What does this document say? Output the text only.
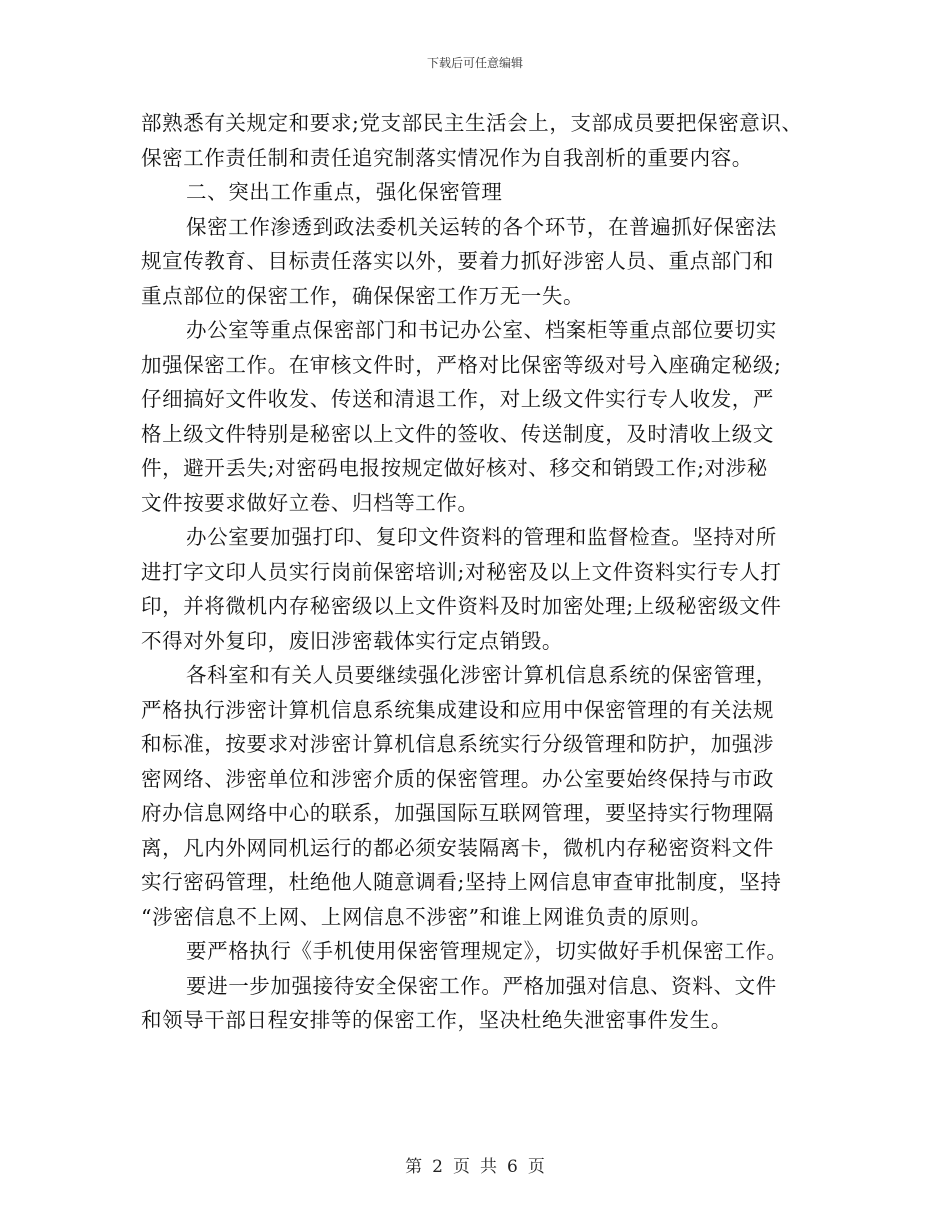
下载后可任意编辑
部熟悉有关规定和要求;党支部民主生活会上，支部成员要把保密意识、
保密工作责任制和责任追究制落实情况作为自我剖析的重要内容。
二、突出工作重点，强化保密管理
保密工作渗透到政法委机关运转的各个环节，在普遍抓好保密法
规宣传教育、目标责任落实以外，要着力抓好涉密人员、重点部门和
重点部位的保密工作，确保保密工作万无一失。
办公室等重点保密部门和书记办公室、档案柜等重点部位要切实
加强保密工作。在审核文件时，严格对比保密等级对号入座确定秘级;
仔细搞好文件收发、传送和清退工作，对上级文件实行专人收发，严
格上级文件特别是秘密以上文件的签收、传送制度，及时清收上级文
件，避开丢失;对密码电报按规定做好核对、移交和销毁工作;对涉秘
文件按要求做好立卷、归档等工作。
办公室要加强打印、复印文件资料的管理和监督检查。坚持对所
进打字文印人员实行岗前保密培训;对秘密及以上文件资料实行专人打
印，并将微机内存秘密级以上文件资料及时加密处理;上级秘密级文件
不得对外复印，废旧涉密载体实行定点销毁。
各科室和有关人员要继续强化涉密计算机信息系统的保密管理，
严格执行涉密计算机信息系统集成建设和应用中保密管理的有关法规
和标准，按要求对涉密计算机信息系统实行分级管理和防护，加强涉
密网络、涉密单位和涉密介质的保密管理。办公室要始终保持与市政
府办信息网络中心的联系，加强国际互联网管理，要坚持实行物理隔
离，凡内外网同机运行的都必须安装隔离卡，微机内存秘密资料文件
实行密码管理，杜绝他人随意调看;坚持上网信息审查审批制度，坚持
“涉密信息不上网、上网信息不涉密”和谁上网谁负责的原则。
要严格执行《手机使用保密管理规定》，切实做好手机保密工作。
要进一步加强接待安全保密工作。严格加强对信息、资料、文件
和领导干部日程安排等的保密工作，坚决杜绝失泄密事件发生。
第 2 页 共 6 页
